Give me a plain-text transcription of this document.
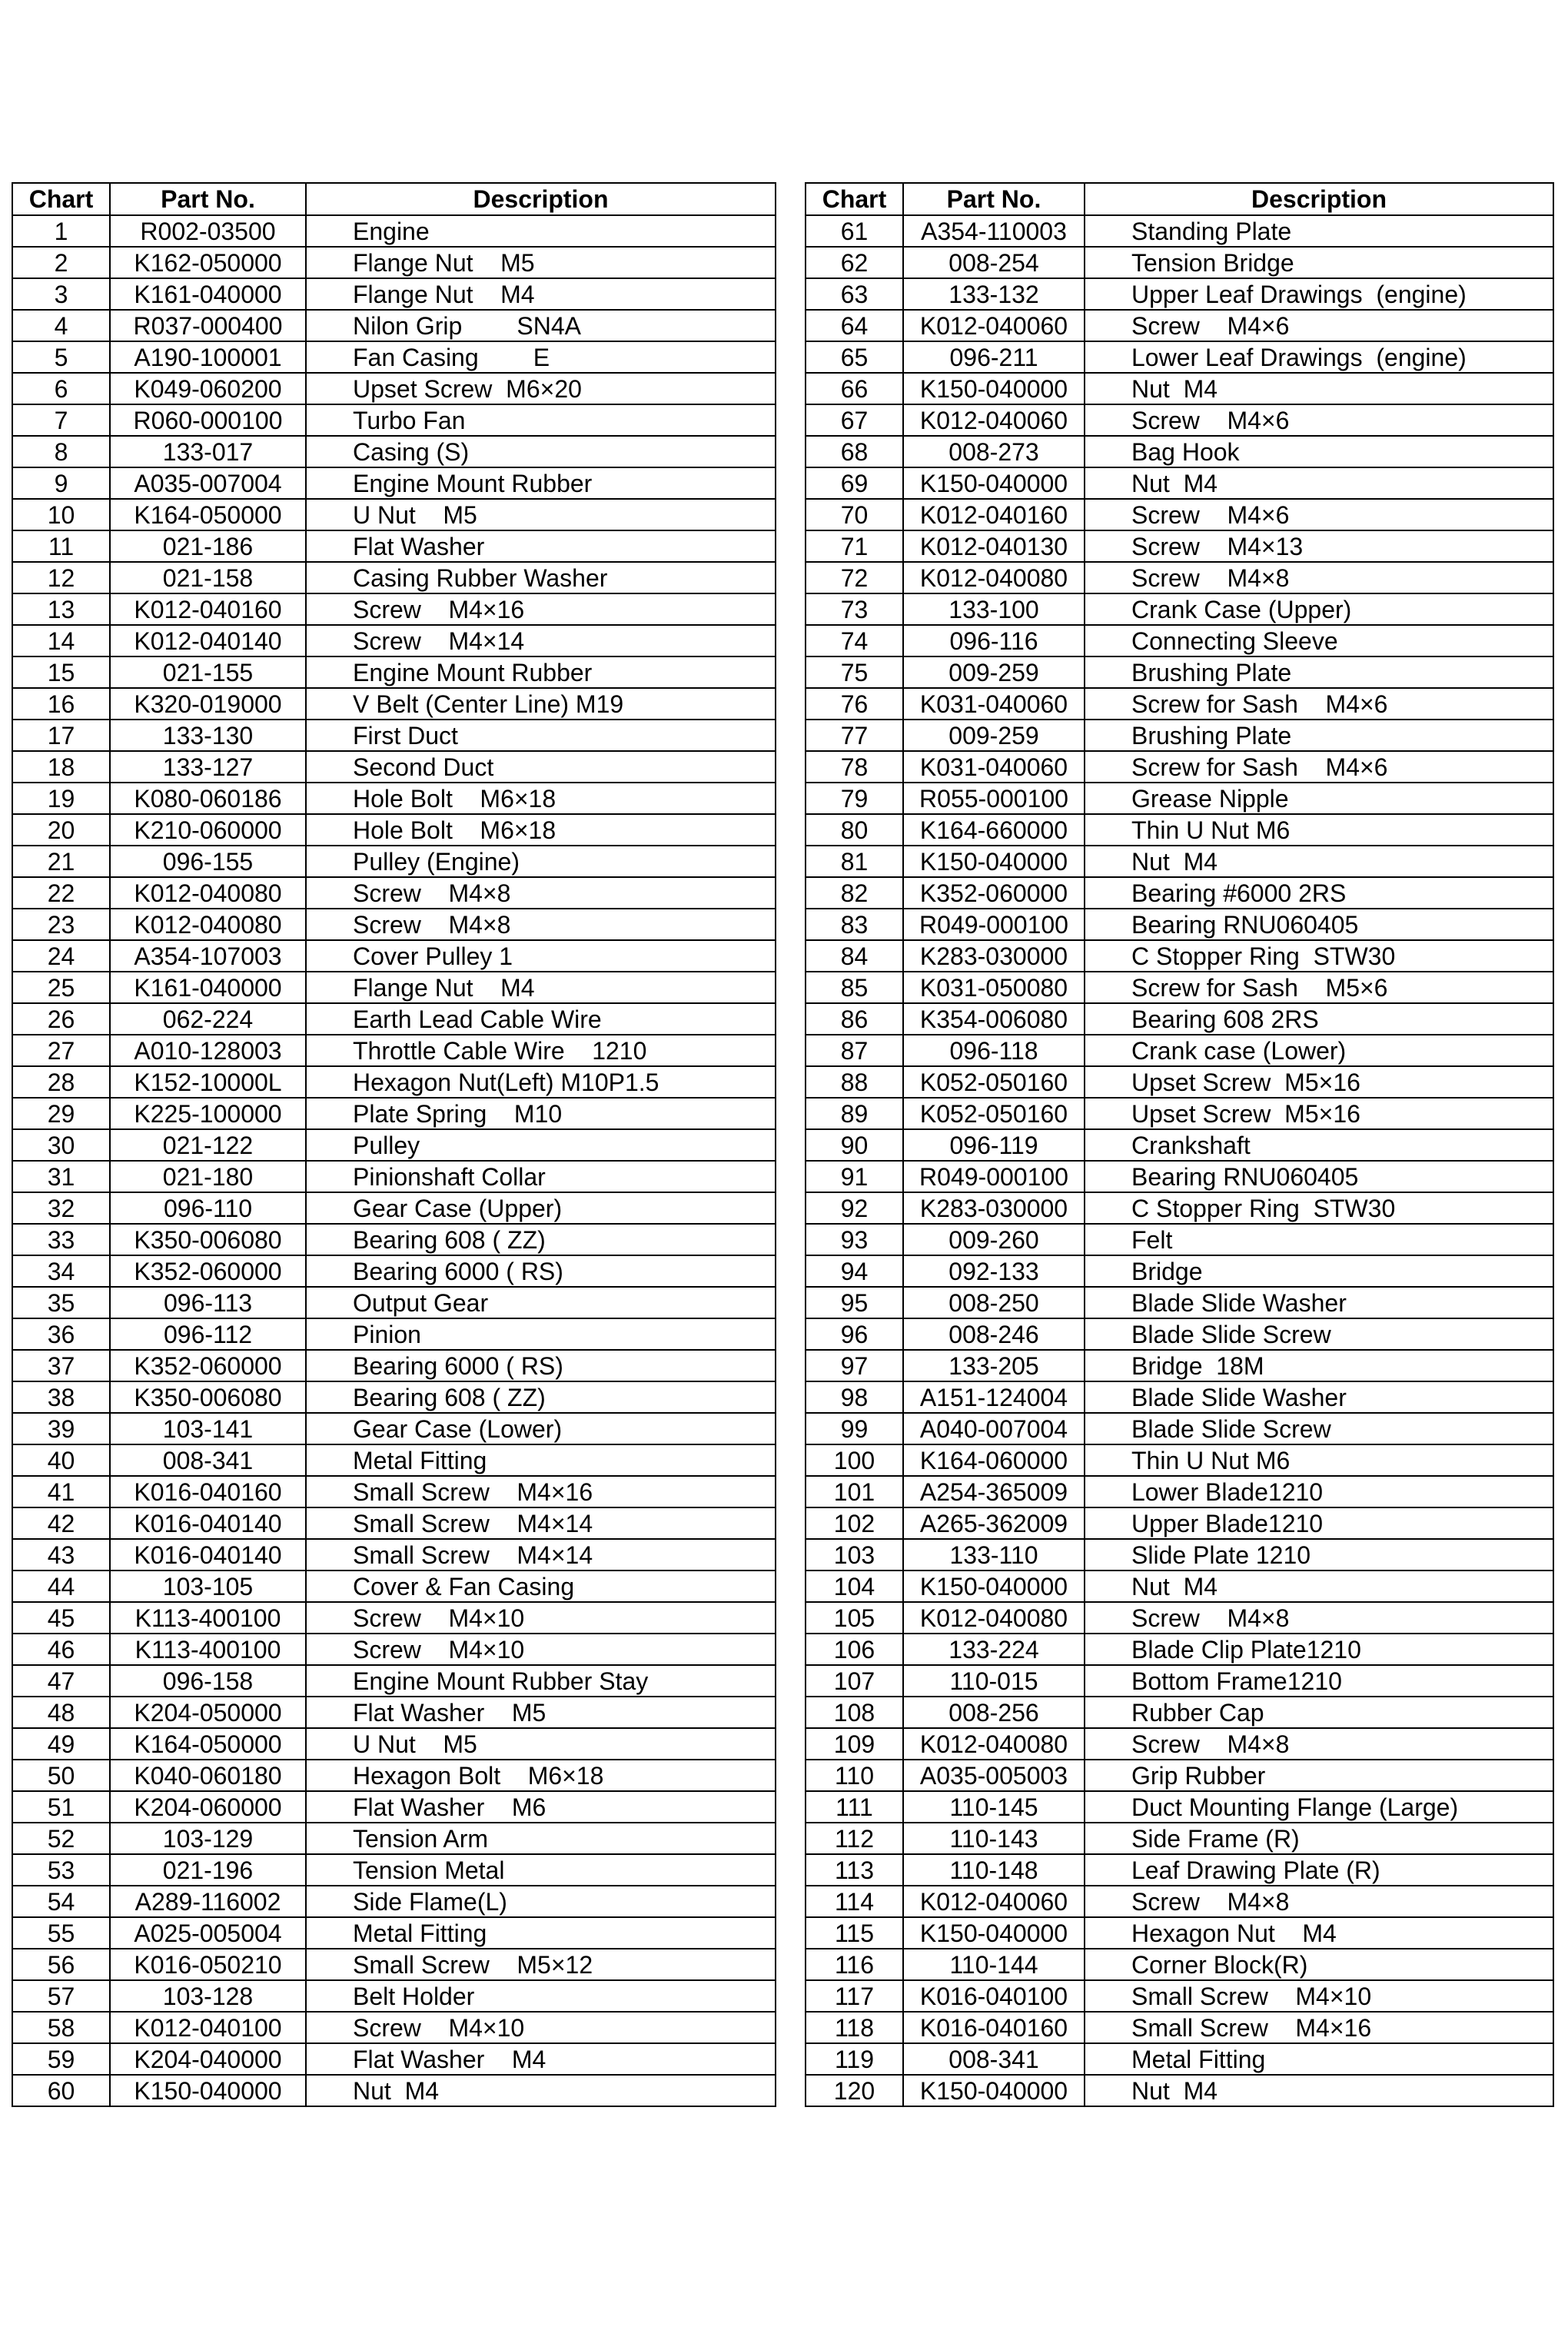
Chart	Part No.	Description
1	R002-03500	Engine
2	K162-050000	Flange Nut    M5
3	K161-040000	Flange Nut    M4
4	R037-000400	Nilon Grip        SN4A
5	A190-100001	Fan Casing        E
6	K049-060200	Upset Screw  M6×20
7	R060-000100	Turbo Fan
8	133-017	Casing (S)
9	A035-007004	Engine Mount Rubber
10	K164-050000	U Nut    M5
11	021-186	Flat Washer
12	021-158	Casing Rubber Washer
13	K012-040160	Screw    M4×16
14	K012-040140	Screw    M4×14
15	021-155	Engine Mount Rubber
16	K320-019000	V Belt (Center Line) M19
17	133-130	First Duct
18	133-127	Second Duct
19	K080-060186	Hole Bolt    M6×18
20	K210-060000	Hole Bolt    M6×18
21	096-155	Pulley (Engine)
22	K012-040080	Screw    M4×8
23	K012-040080	Screw    M4×8
24	A354-107003	Cover Pulley 1
25	K161-040000	Flange Nut    M4
26	062-224	Earth Lead Cable Wire
27	A010-128003	Throttle Cable Wire    1210
28	K152-10000L	Hexagon Nut(Left) M10P1.5
29	K225-100000	Plate Spring    M10
30	021-122	Pulley
31	021-180	Pinionshaft Collar
32	096-110	Gear Case (Upper)
33	K350-006080	Bearing 608 ( ZZ)
34	K352-060000	Bearing 6000 ( RS)
35	096-113	Output Gear
36	096-112	Pinion
37	K352-060000	Bearing 6000 ( RS)
38	K350-006080	Bearing 608 ( ZZ)
39	103-141	Gear Case (Lower)
40	008-341	Metal Fitting
41	K016-040160	Small Screw    M4×16
42	K016-040140	Small Screw    M4×14
43	K016-040140	Small Screw    M4×14
44	103-105	Cover & Fan Casing
45	K113-400100	Screw    M4×10
46	K113-400100	Screw    M4×10
47	096-158	Engine Mount Rubber Stay
48	K204-050000	Flat Washer    M5
49	K164-050000	U Nut    M5
50	K040-060180	Hexagon Bolt    M6×18
51	K204-060000	Flat Washer    M6
52	103-129	Tension Arm
53	021-196	Tension Metal
54	A289-116002	Side Flame(L)
55	A025-005004	Metal Fitting
56	K016-050210	Small Screw    M5×12
57	103-128	Belt Holder
58	K012-040100	Screw    M4×10
59	K204-040000	Flat Washer    M4
60	K150-040000	Nut  M4
Chart	Part No.	Description
61	A354-110003	Standing Plate
62	008-254	Tension Bridge
63	133-132	Upper Leaf Drawings  (engine)
64	K012-040060	Screw    M4×6
65	096-211	Lower Leaf Drawings  (engine)
66	K150-040000	Nut  M4
67	K012-040060	Screw    M4×6
68	008-273	Bag Hook
69	K150-040000	Nut  M4
70	K012-040160	Screw    M4×6
71	K012-040130	Screw    M4×13
72	K012-040080	Screw    M4×8
73	133-100	Crank Case (Upper)
74	096-116	Connecting Sleeve
75	009-259	Brushing Plate
76	K031-040060	Screw for Sash    M4×6
77	009-259	Brushing Plate
78	K031-040060	Screw for Sash    M4×6
79	R055-000100	Grease Nipple
80	K164-660000	Thin U Nut M6
81	K150-040000	Nut  M4
82	K352-060000	Bearing #6000 2RS
83	R049-000100	Bearing RNU060405
84	K283-030000	C Stopper Ring  STW30
85	K031-050080	Screw for Sash    M5×6
86	K354-006080	Bearing 608 2RS
87	096-118	Crank case (Lower)
88	K052-050160	Upset Screw  M5×16
89	K052-050160	Upset Screw  M5×16
90	096-119	Crankshaft
91	R049-000100	Bearing RNU060405
92	K283-030000	C Stopper Ring  STW30
93	009-260	Felt
94	092-133	Bridge
95	008-250	Blade Slide Washer
96	008-246	Blade Slide Screw
97	133-205	Bridge  18M
98	A151-124004	Blade Slide Washer
99	A040-007004	Blade Slide Screw
100	K164-060000	Thin U Nut M6
101	A254-365009	Lower Blade1210
102	A265-362009	Upper Blade1210
103	133-110	Slide Plate 1210
104	K150-040000	Nut  M4
105	K012-040080	Screw    M4×8
106	133-224	Blade Clip Plate1210
107	110-015	Bottom Frame1210
108	008-256	Rubber Cap
109	K012-040080	Screw    M4×8
110	A035-005003	Grip Rubber
111	110-145	Duct Mounting Flange (Large)
112	110-143	Side Frame (R)
113	110-148	Leaf Drawing Plate (R)
114	K012-040060	Screw    M4×8
115	K150-040000	Hexagon Nut    M4
116	110-144	Corner Block(R)
117	K016-040100	Small Screw    M4×10
118	K016-040160	Small Screw    M4×16
119	008-341	Metal Fitting
120	K150-040000	Nut  M4
